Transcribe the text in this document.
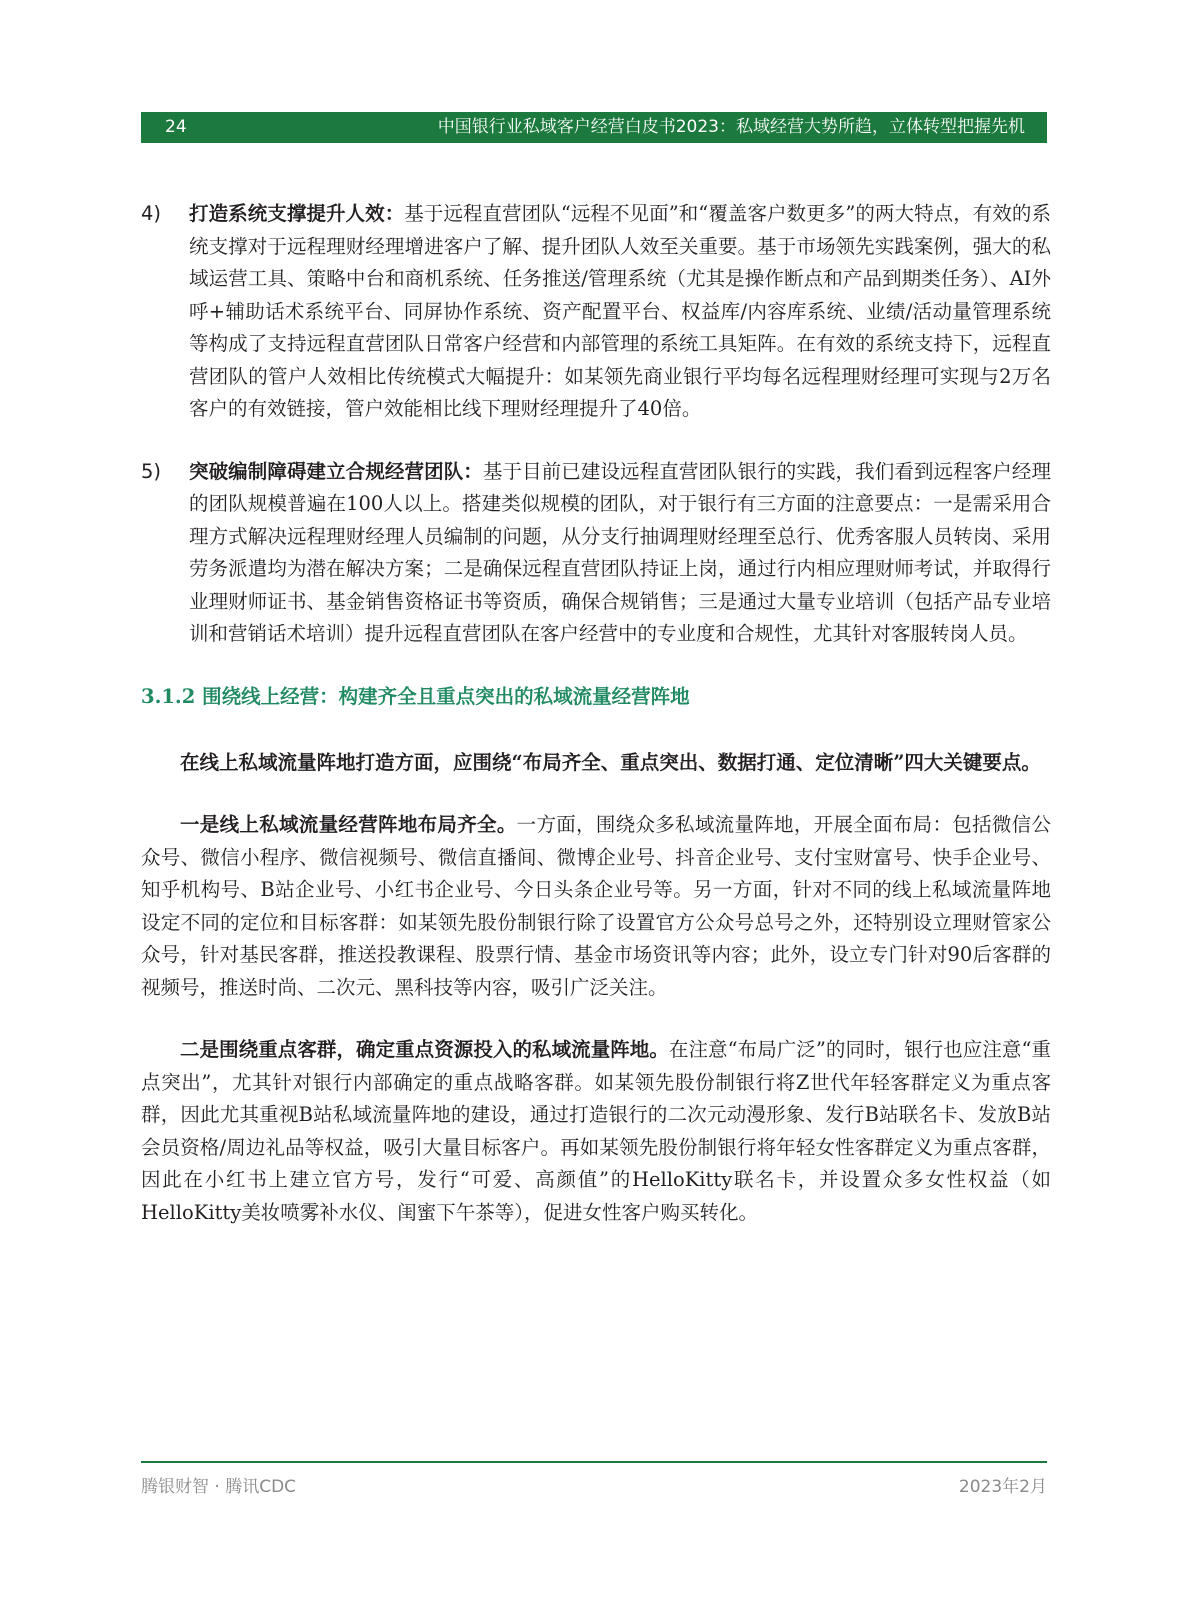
24	中国银行业私域客户经营白皮书2023：私域经营大势所趋，立体转型把握先机
4) 打造系统支撑提升人效：基于远程直营团队“远程不见面”和“覆盖客户数更多”的两大特点，有效的系统支撑对于远程理财经理增进客户了解、提升团队人效至关重要。基于市场领先实践案例，强大的私域运营工具、策略中台和商机系统、任务推送/管理系统（尤其是操作断点和产品到期类任务）、AI外呼+辅助话术系统平台、同屏协作系统、资产配置平台、权益库/内容库系统、业绩/活动量管理系统等构成了支持远程直营团队日常客户经营和内部管理的系统工具矩阵。在有效的系统支持下，远程直营团队的管户人效相比传统模式大幅提升：如某领先商业银行平均每名远程理财经理可实现与2万名客户的有效链接，管户效能相比线下理财经理提升了40倍。
5) 突破编制障碍建立合规经营团队：基于目前已建设远程直营团队银行的实践，我们看到远程客户经理的团队规模普遍在100人以上。搭建类似规模的团队，对于银行有三方面的注意要点：一是需采用合理方式解决远程理财经理人员编制的问题，从分支行抽调理财经理至总行、优秀客服人员转岗、采用劳务派遣均为潜在解决方案；二是确保远程直营团队持证上岗，通过行内相应理财师考试，并取得行业理财师证书、基金销售资格证书等资质，确保合规销售；三是通过大量专业培训（包括产品专业培训和营销话术培训）提升远程直营团队在客户经营中的专业度和合规性，尤其针对客服转岗人员。
3.1.2 围绕线上经营：构建齐全且重点突出的私域流量经营阵地
在线上私域流量阵地打造方面，应围绕“布局齐全、重点突出、数据打通、定位清晰”四大关键要点。
一是线上私域流量经营阵地布局齐全。一方面，围绕众多私域流量阵地，开展全面布局：包括微信公众号、微信小程序、微信视频号、微信直播间、微博企业号、抖音企业号、支付宝财富号、快手企业号、知乎机构号、B站企业号、小红书企业号、今日头条企业号等。另一方面，针对不同的线上私域流量阵地设定不同的定位和目标客群：如某领先股份制银行除了设置官方公众号总号之外，还特别设立理财管家公众号，针对基民客群，推送投教课程、股票行情、基金市场资讯等内容；此外，设立专门针对90后客群的视频号，推送时尚、二次元、黑科技等内容，吸引广泛关注。
二是围绕重点客群，确定重点资源投入的私域流量阵地。在注意“布局广泛”的同时，银行也应注意“重点突出”，尤其针对银行内部确定的重点战略客群。如某领先股份制银行将Z世代年轻客群定义为重点客群，因此尤其重视B站私域流量阵地的建设，通过打造银行的二次元动漫形象、发行B站联名卡、发放B站会员资格/周边礼品等权益，吸引大量目标客户。再如某领先股份制银行将年轻女性客群定义为重点客群，因此在小红书上建立官方号，发行“可爱、高颜值”的HelloKitty联名卡，并设置众多女性权益（如HelloKitty美妆喷雾补水仪、闺蜜下午茶等），促进女性客户购买转化。
腾银财智 · 腾讯CDC	2023年2月
